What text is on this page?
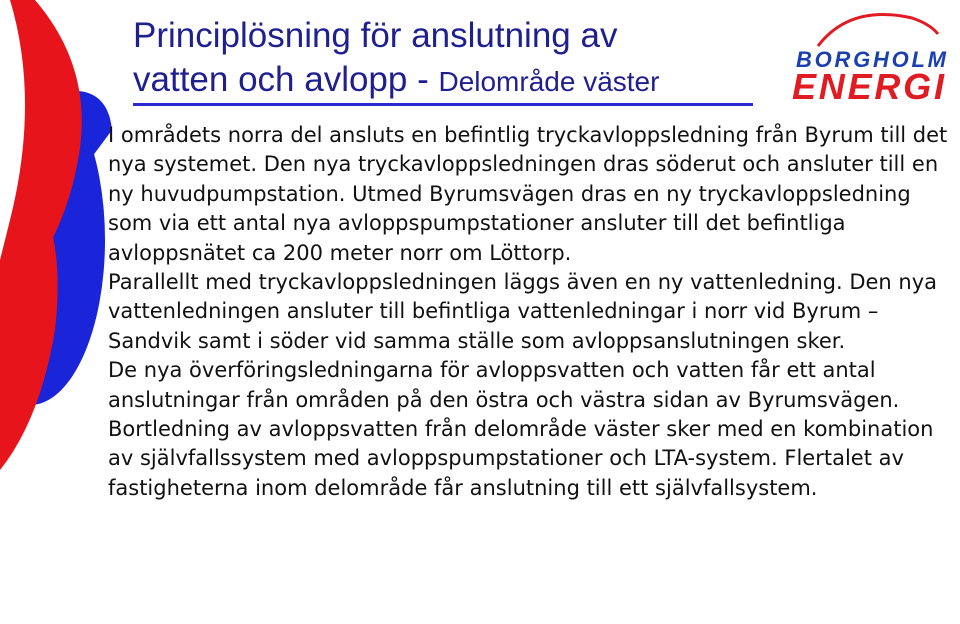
Principlösning för anslutning av
vatten och avlopp - Delområde väster
BORGHOLM
ENERGI

I områdets norra del ansluts en befintlig tryckavloppsledning från Byrum till det nya systemet. Den nya tryckavloppsledningen dras söderut och ansluter till en ny huvudpumpstation. Utmed Byrumsvägen dras en ny tryckavloppsledning som via ett antal nya avloppspumpstationer ansluter till det befintliga avloppsnätet ca 200 meter norr om Löttorp.

Parallellt med tryckavloppsledningen läggs även en ny vattenledning. Den nya vattenledningen ansluter till befintliga vattenledningar i norr vid Byrum – Sandvik samt i söder vid samma ställe som avloppsanslutningen sker.

De nya överföringsledningarna för avloppsvatten och vatten får ett antal anslutningar från områden på den östra och västra sidan av Byrumsvägen.

Bortledning av avloppsvatten från delområde väster sker med en kombination av självfallssystem med avloppspumpstationer och LTA-system. Flertalet av fastigheterna inom delområde får anslutning till ett självfallsystem.
